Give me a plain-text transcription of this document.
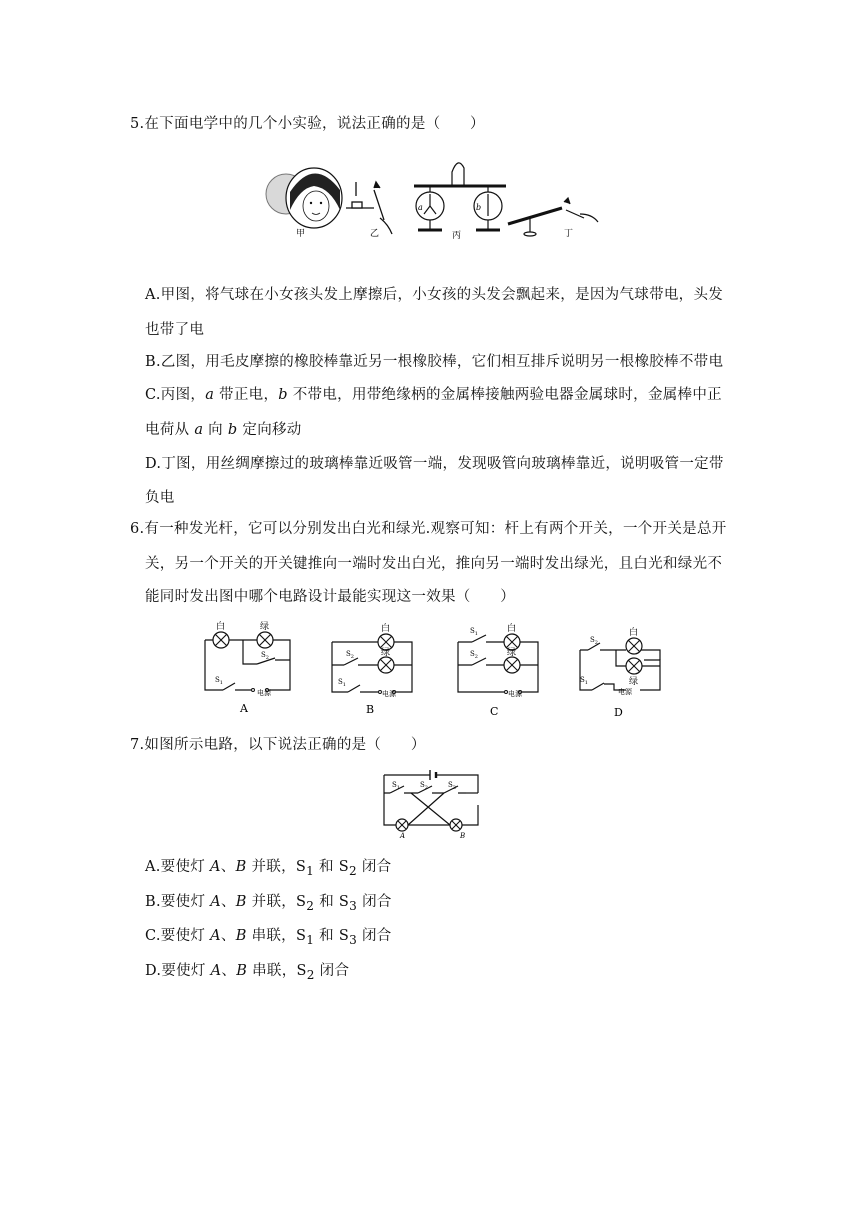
5.在下面电学中的几个小实验，说法正确的是（　　）
甲	乙
a	b
丙	丁
A.甲图，将气球在小女孩头发上摩擦后，小女孩的头发会飘起来，是因为气球带电，头发
也带了电
B.乙图，用毛皮摩擦的橡胶棒靠近另一根橡胶棒，它们相互排斥说明另一根橡胶棒不带电
C.丙图，a 带正电，b 不带电，用带绝缘柄的金属棒接触两验电器金属球时，金属棒中正
电荷从 a 向 b 定向移动
D.丁图，用丝绸摩擦过的玻璃棒靠近吸管一端，发现吸管向玻璃棒靠近，说明吸管一定带
负电
6.有一种发光杆，它可以分别发出白光和绿光.观察可知：杆上有两个开关，一个开关是总开
关，另一个开关的开关键推向一端时发出白光，推向另一端时发出绿光，且白光和绿光不
能同时发出图中哪个电路设计最能实现这一效果（　　）
白	绿
$S_2$
$S_1$
电源
A
白
绿
$S_2$
$S_1$
电源
B
白
绿
$S_1$
$S_2$
电源
C
白
绿
$S_2$
$S_1$
电源
D
7.如图所示电路，以下说法正确的是（　　）
$S_1$	$S_2$	$S_3$
A	B
A.要使灯 A、B 并联，$S_1$ 和 $S_2$ 闭合
B.要使灯 A、B 并联，$S_2$ 和 $S_3$ 闭合
C.要使灯 A、B 串联，$S_1$ 和 $S_3$ 闭合
D.要使灯 A、B 串联，$S_2$ 闭合
